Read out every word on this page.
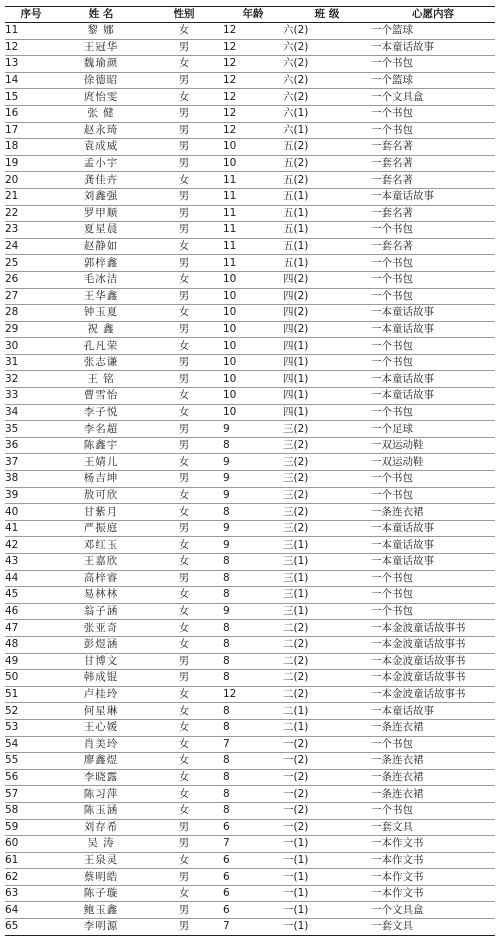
序号	姓 名	性别	年龄	班 级	心愿内容
11	黎 娜	女	12	六(2)	一个篮球
12	王冠华	男	12	六(2)	一本童话故事
13	魏瑜颜	女	12	六(2)	一个书包
14	徐德昭	男	12	六(2)	一个篮球
15	庹怡雯	女	12	六(2)	一个文具盒
16	张 健	男	12	六(1)	一个书包
17	赵永琦	男	12	六(1)	一个书包
18	袁成威	男	10	五(2)	一套名著
19	孟小宇	男	10	五(2)	一套名著
20	龚佳卉	女	11	五(2)	一套名著
21	刘鑫强	男	11	五(1)	一本童话故事
22	罗甲顺	男	11	五(1)	一套名著
23	夏星晨	男	11	五(1)	一个书包
24	赵静如	女	11	五(1)	一套名著
25	郭梓鑫	男	11	五(1)	一个书包
26	毛冰洁	女	10	四(2)	一个书包
27	王华鑫	男	10	四(2)	一个书包
28	钟玉夏	女	10	四(2)	一本童话故事
29	祝 鑫	男	10	四(2)	一本童话故事
30	孔凡荣	女	10	四(1)	一个书包
31	张志谦	男	10	四(1)	一个书包
32	王 铭	男	10	四(1)	一本童话故事
33	曹雪怡	女	10	四(1)	一本童话故事
34	李子悦	女	10	四(1)	一个书包
35	李名超	男	9	三(2)	一个足球
36	陈鑫宇	男	8	三(2)	一双运动鞋
37	王婧儿	女	9	三(2)	一双运动鞋
38	杨吉坤	男	9	三(2)	一个书包
39	敖可欣	女	9	三(2)	一个书包
40	甘紫月	女	8	三(2)	一条连衣裙
41	严振庭	男	9	三(2)	一本童话故事
42	邓红玉	女	9	三(1)	一本童话故事
43	王嘉欣	女	8	三(1)	一本童话故事
44	高梓睿	男	8	三(1)	一个书包
45	易林林	女	8	三(1)	一个书包
46	翁子涵	女	9	三(1)	一个书包
47	张亚奇	女	8	二(2)	一本金波童话故事书
48	彭煜涵	女	8	二(2)	一本金波童话故事书
49	甘博文	男	8	二(2)	一本金波童话故事书
50	韩成锟	男	8	二(2)	一本金波童话故事书
51	卢桂玲	女	12	二(2)	一本金波童话故事书
52	何星琳	女	8	二(1)	一本童话故事
53	王心媛	女	8	二(1)	一条连衣裙
54	肖美玲	女	7	一(2)	一个书包
55	廖鑫煜	女	8	一(2)	一条连衣裙
56	李晓露	女	8	一(2)	一条连衣裙
57	陈习萍	女	8	一(2)	一条连衣裙
58	陈玉涵	女	8	一(2)	一个书包
59	刘存希	男	6	一(2)	一套文具
60	吴 涛	男	7	一(1)	一本作文书
61	王泉灵	女	6	一(1)	一本作文书
62	蔡明皓	男	6	一(1)	一本作文书
63	陈子璇	女	6	一(1)	一本作文书
64	鲍玉鑫	男	6	一(1)	一个文具盒
65	李明源	男	7	一(1)	一套文具
